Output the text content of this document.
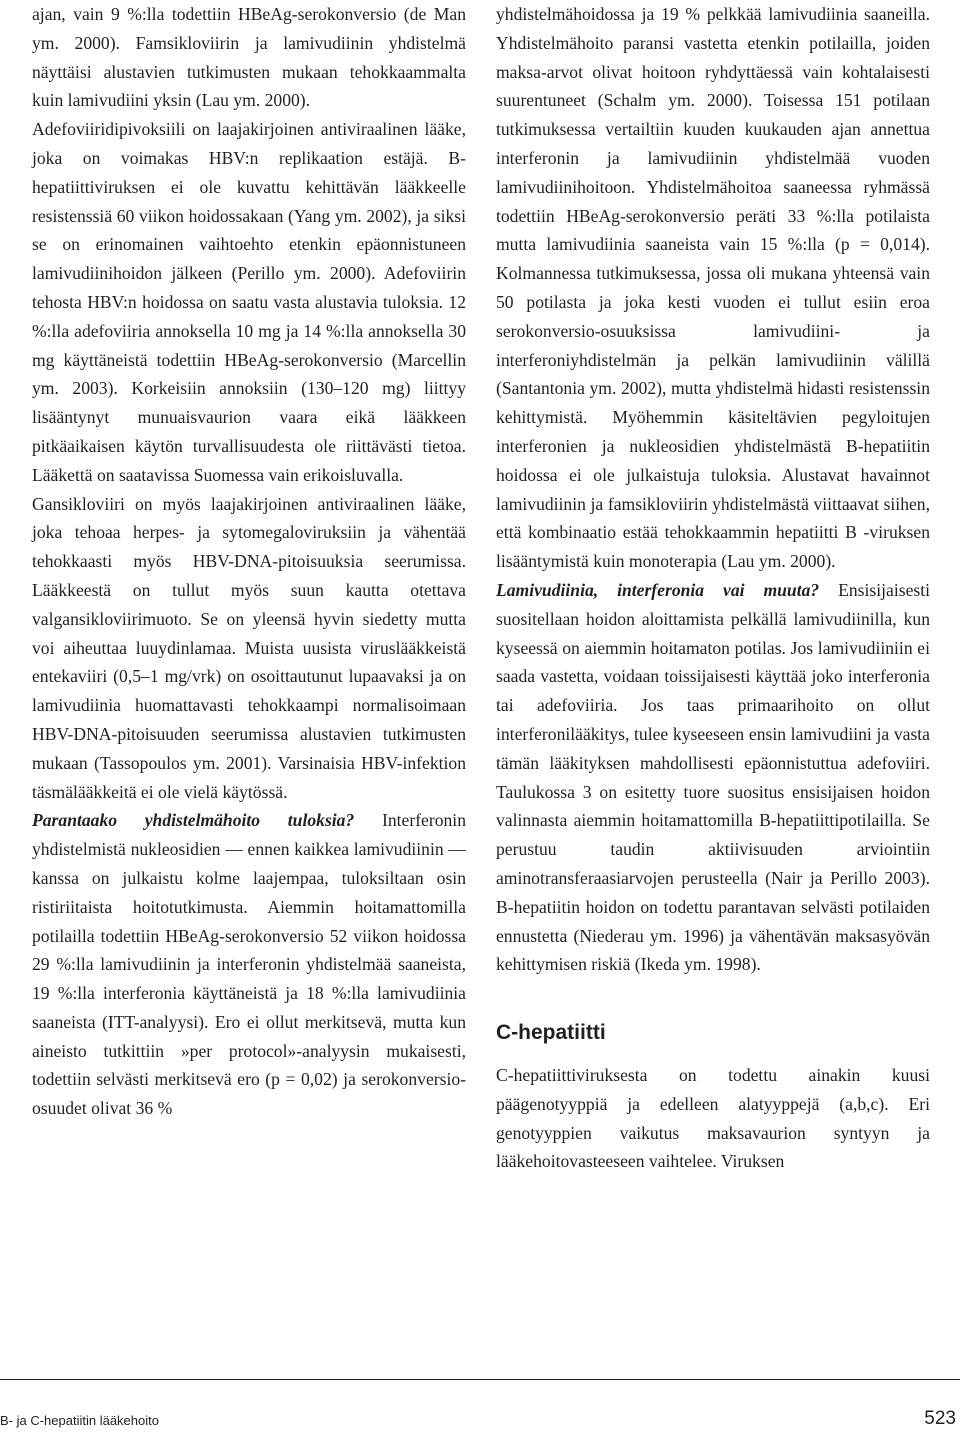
ajan, vain 9 %:lla todettiin HBeAg-serokonversio (de Man ym. 2000). Famsikloviirin ja lamivudiinin yhdistelmä näyttäisi alustavien tutkimusten mukaan tehokkaammalta kuin lamivudiini yksin (Lau ym. 2000).

Adefoviiridipivoksiili on laajakirjoinen antiviraalinen lääke, joka on voimakas HBV:n replikaation estäjä. B-hepatiittiviruksen ei ole kuvattu kehittävän lääkkeelle resistenssiä 60 viikon hoidossakaan (Yang ym. 2002), ja siksi se on erinomainen vaihtoehto etenkin epäonnistuneen lamivudiinihoidon jälkeen (Perillo ym. 2000). Adefoviirin tehosta HBV:n hoidossa on saatu vasta alustavia tuloksia. 12 %:lla adefoviiria annoksella 10 mg ja 14 %:lla annoksella 30 mg käyttäneistä todettiin HBeAg-serokonversio (Marcellin ym. 2003). Korkeisiin annoksiin (130–120 mg) liittyy lisääntynyt munuaisvaurion vaara eikä lääkkeen pitkäaikaisen käytön turvallisuudesta ole riittävästi tietoa. Lääkettä on saatavissa Suomessa vain erikoisluvalla.

Gansikloviiri on myös laajakirjoinen antiviraalinen lääke, joka tehoaa herpes- ja sytomegaloviruksiin ja vähentää tehokkaasti myös HBV-DNA-pitoisuuksia seerumissa. Lääkkeestä on tullut myös suun kautta otettava valgansikloviirimuoto. Se on yleensä hyvin siedetty mutta voi aiheuttaa luuydinlamaa. Muista uusista viruslääkkeistä entekaviiri (0,5–1 mg/vrk) on osoittautunut lupaavaksi ja on lamivudiinia huomattavasti tehokkaampi normalisoimaan HBV-DNA-pitoisuuden seerumissa alustavien tutkimusten mukaan (Tassopoulos ym. 2001). Varsinaisia HBV-infektion täsmälääkkeitä ei ole vielä käytössä.

Parantaako yhdistelmähoito tuloksia? Interferonin yhdistelmistä nukleosidien — ennen kaikkea lamivudiinin — kanssa on julkaistu kolme laajempaa, tuloksiltaan osin ristiriitaista hoitotutkimusta. Aiemmin hoitamattomilla potilailla todettiin HBeAg-serokonversio 52 viikon hoidossa 29 %:lla lamivudiinin ja interferonin yhdistelmää saaneista, 19 %:lla interferonia käyttäneistä ja 18 %:lla lamivudiinia saaneista (ITT-analyysi). Ero ei ollut merkitsevä, mutta kun aineisto tutkittiin »per protocol»-analyysin mukaisesti, todettiin selvästi merkitsevä ero (p = 0,02) ja serokonversio-osuudet olivat 36 %

yhdistelmähoidossa ja 19 % pelkkää lamivudiinia saaneilla. Yhdistelmähoito paransi vastetta etenkin potilailla, joiden maksa-arvot olivat hoitoon ryhdyttäessä vain kohtalaisesti suurentuneet (Schalm ym. 2000). Toisessa 151 potilaan tutkimuksessa vertailtiin kuuden kuukauden ajan annettua interferonin ja lamivudiinin yhdistelmää vuoden lamivudiinihoitoon. Yhdistelmähoitoa saaneessa ryhmässä todettiin HBeAg-serokonversio peräti 33 %:lla potilaista mutta lamivudiinia saaneista vain 15 %:lla (p = 0,014). Kolmannessa tutkimuksessa, jossa oli mukana yhteensä vain 50 potilasta ja joka kesti vuoden ei tullut esiin eroa serokonversio-osuuksissa lamivudiini- ja interferoniyhdistelmän ja pelkän lamivudiinin välillä (Santantonia ym. 2002), mutta yhdistelmä hidasti resistenssin kehittymistä. Myöhemmin käsiteltävien pegyloitujen interferonien ja nukleosidien yhdistelmästä B-hepatiitin hoidossa ei ole julkaistuja tuloksia. Alustavat havainnot lamivudiinin ja famsikloviirin yhdistelmästä viittaavat siihen, että kombinaatio estää tehokkaammin hepatiitti B -viruksen lisääntymistä kuin monoterapia (Lau ym. 2000).

Lamivudiinia, interferonia vai muuta? Ensisijaisesti suositellaan hoidon aloittamista pelkällä lamivudiinilla, kun kyseessä on aiemmin hoitamaton potilas. Jos lamivudiiniin ei saada vastetta, voidaan toissijaisesti käyttää joko interferonia tai adefoviiria. Jos taas primaarihoito on ollut interferonilääkitys, tulee kyseeseen ensin lamivudiini ja vasta tämän lääkityksen mahdollisesti epäonnistuttua adefoviiri. Taulukossa 3 on esitetty tuore suositus ensisijaisen hoidon valinnasta aiemmin hoitamattomilla B-hepatiittipotilailla. Se perustuu taudin aktiivisuuden arviointiin aminotransferaasiarvojen perusteella (Nair ja Perillo 2003). B-hepatiitin hoidon on todettu parantavan selvästi potilaiden ennustetta (Niederau ym. 1996) ja vähentävän maksasyövän kehittymisen riskiä (Ikeda ym. 1998).

C-hepatiitti

C-hepatiittiviruksesta on todettu ainakin kuusi päägenotyyppiä ja edelleen alatyyppejä (a,b,c). Eri genotyyppien vaikutus maksavaurion syntyyn ja lääkehoitovasteeseen vaihtelee. Viruksen

B- ja C-hepatiitin lääkehoito	523
